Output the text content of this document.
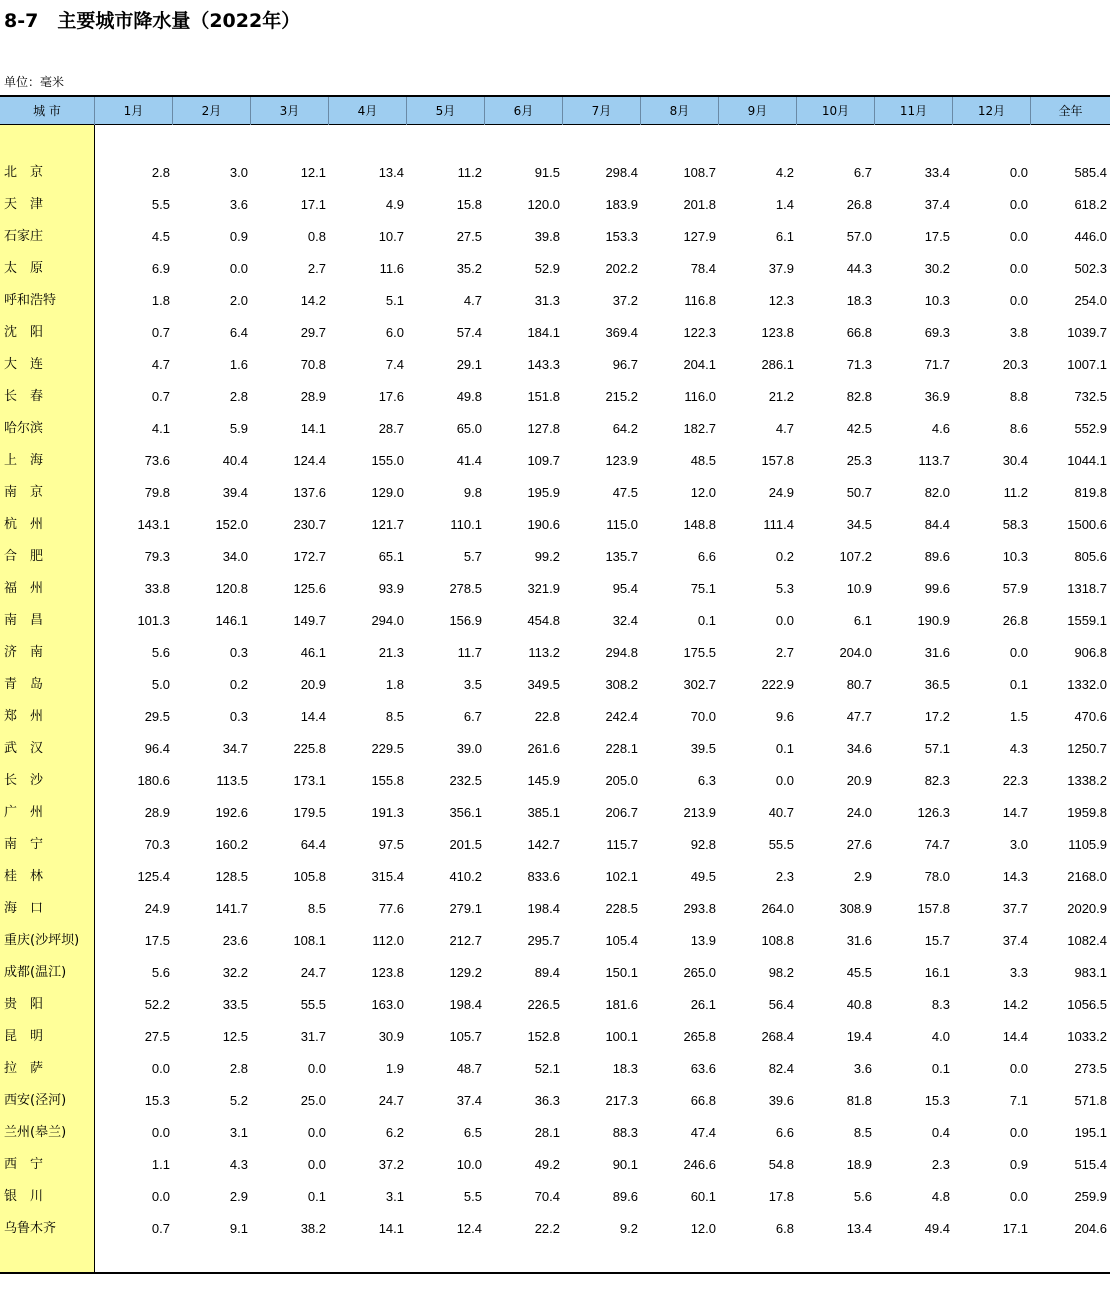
8-7　主要城市降水量（2022年）
单位：毫米
城 市	1月	2月	3月	4月	5月	6月	7月	8月	9月	10月	11月	12月	全年
北　京	2.8	3.0	12.1	13.4	11.2	91.5	298.4	108.7	4.2	6.7	33.4	0.0	585.4
天　津	5.5	3.6	17.1	4.9	15.8	120.0	183.9	201.8	1.4	26.8	37.4	0.0	618.2
石家庄	4.5	0.9	0.8	10.7	27.5	39.8	153.3	127.9	6.1	57.0	17.5	0.0	446.0
太　原	6.9	0.0	2.7	11.6	35.2	52.9	202.2	78.4	37.9	44.3	30.2	0.0	502.3
呼和浩特	1.8	2.0	14.2	5.1	4.7	31.3	37.2	116.8	12.3	18.3	10.3	0.0	254.0
沈　阳	0.7	6.4	29.7	6.0	57.4	184.1	369.4	122.3	123.8	66.8	69.3	3.8	1039.7
大　连	4.7	1.6	70.8	7.4	29.1	143.3	96.7	204.1	286.1	71.3	71.7	20.3	1007.1
长　春	0.7	2.8	28.9	17.6	49.8	151.8	215.2	116.0	21.2	82.8	36.9	8.8	732.5
哈尔滨	4.1	5.9	14.1	28.7	65.0	127.8	64.2	182.7	4.7	42.5	4.6	8.6	552.9
上　海	73.6	40.4	124.4	155.0	41.4	109.7	123.9	48.5	157.8	25.3	113.7	30.4	1044.1
南　京	79.8	39.4	137.6	129.0	9.8	195.9	47.5	12.0	24.9	50.7	82.0	11.2	819.8
杭　州	143.1	152.0	230.7	121.7	110.1	190.6	115.0	148.8	111.4	34.5	84.4	58.3	1500.6
合　肥	79.3	34.0	172.7	65.1	5.7	99.2	135.7	6.6	0.2	107.2	89.6	10.3	805.6
福　州	33.8	120.8	125.6	93.9	278.5	321.9	95.4	75.1	5.3	10.9	99.6	57.9	1318.7
南　昌	101.3	146.1	149.7	294.0	156.9	454.8	32.4	0.1	0.0	6.1	190.9	26.8	1559.1
济　南	5.6	0.3	46.1	21.3	11.7	113.2	294.8	175.5	2.7	204.0	31.6	0.0	906.8
青　岛	5.0	0.2	20.9	1.8	3.5	349.5	308.2	302.7	222.9	80.7	36.5	0.1	1332.0
郑　州	29.5	0.3	14.4	8.5	6.7	22.8	242.4	70.0	9.6	47.7	17.2	1.5	470.6
武　汉	96.4	34.7	225.8	229.5	39.0	261.6	228.1	39.5	0.1	34.6	57.1	4.3	1250.7
长　沙	180.6	113.5	173.1	155.8	232.5	145.9	205.0	6.3	0.0	20.9	82.3	22.3	1338.2
广　州	28.9	192.6	179.5	191.3	356.1	385.1	206.7	213.9	40.7	24.0	126.3	14.7	1959.8
南　宁	70.3	160.2	64.4	97.5	201.5	142.7	115.7	92.8	55.5	27.6	74.7	3.0	1105.9
桂　林	125.4	128.5	105.8	315.4	410.2	833.6	102.1	49.5	2.3	2.9	78.0	14.3	2168.0
海　口	24.9	141.7	8.5	77.6	279.1	198.4	228.5	293.8	264.0	308.9	157.8	37.7	2020.9
重庆(沙坪坝)	17.5	23.6	108.1	112.0	212.7	295.7	105.4	13.9	108.8	31.6	15.7	37.4	1082.4
成都(温江)	5.6	32.2	24.7	123.8	129.2	89.4	150.1	265.0	98.2	45.5	16.1	3.3	983.1
贵　阳	52.2	33.5	55.5	163.0	198.4	226.5	181.6	26.1	56.4	40.8	8.3	14.2	1056.5
昆　明	27.5	12.5	31.7	30.9	105.7	152.8	100.1	265.8	268.4	19.4	4.0	14.4	1033.2
拉　萨	0.0	2.8	0.0	1.9	48.7	52.1	18.3	63.6	82.4	3.6	0.1	0.0	273.5
西安(泾河)	15.3	5.2	25.0	24.7	37.4	36.3	217.3	66.8	39.6	81.8	15.3	7.1	571.8
兰州(皋兰)	0.0	3.1	0.0	6.2	6.5	28.1	88.3	47.4	6.6	8.5	0.4	0.0	195.1
西　宁	1.1	4.3	0.0	37.2	10.0	49.2	90.1	246.6	54.8	18.9	2.3	0.9	515.4
银　川	0.0	2.9	0.1	3.1	5.5	70.4	89.6	60.1	17.8	5.6	4.8	0.0	259.9
乌鲁木齐	0.7	9.1	38.2	14.1	12.4	22.2	9.2	12.0	6.8	13.4	49.4	17.1	204.6
